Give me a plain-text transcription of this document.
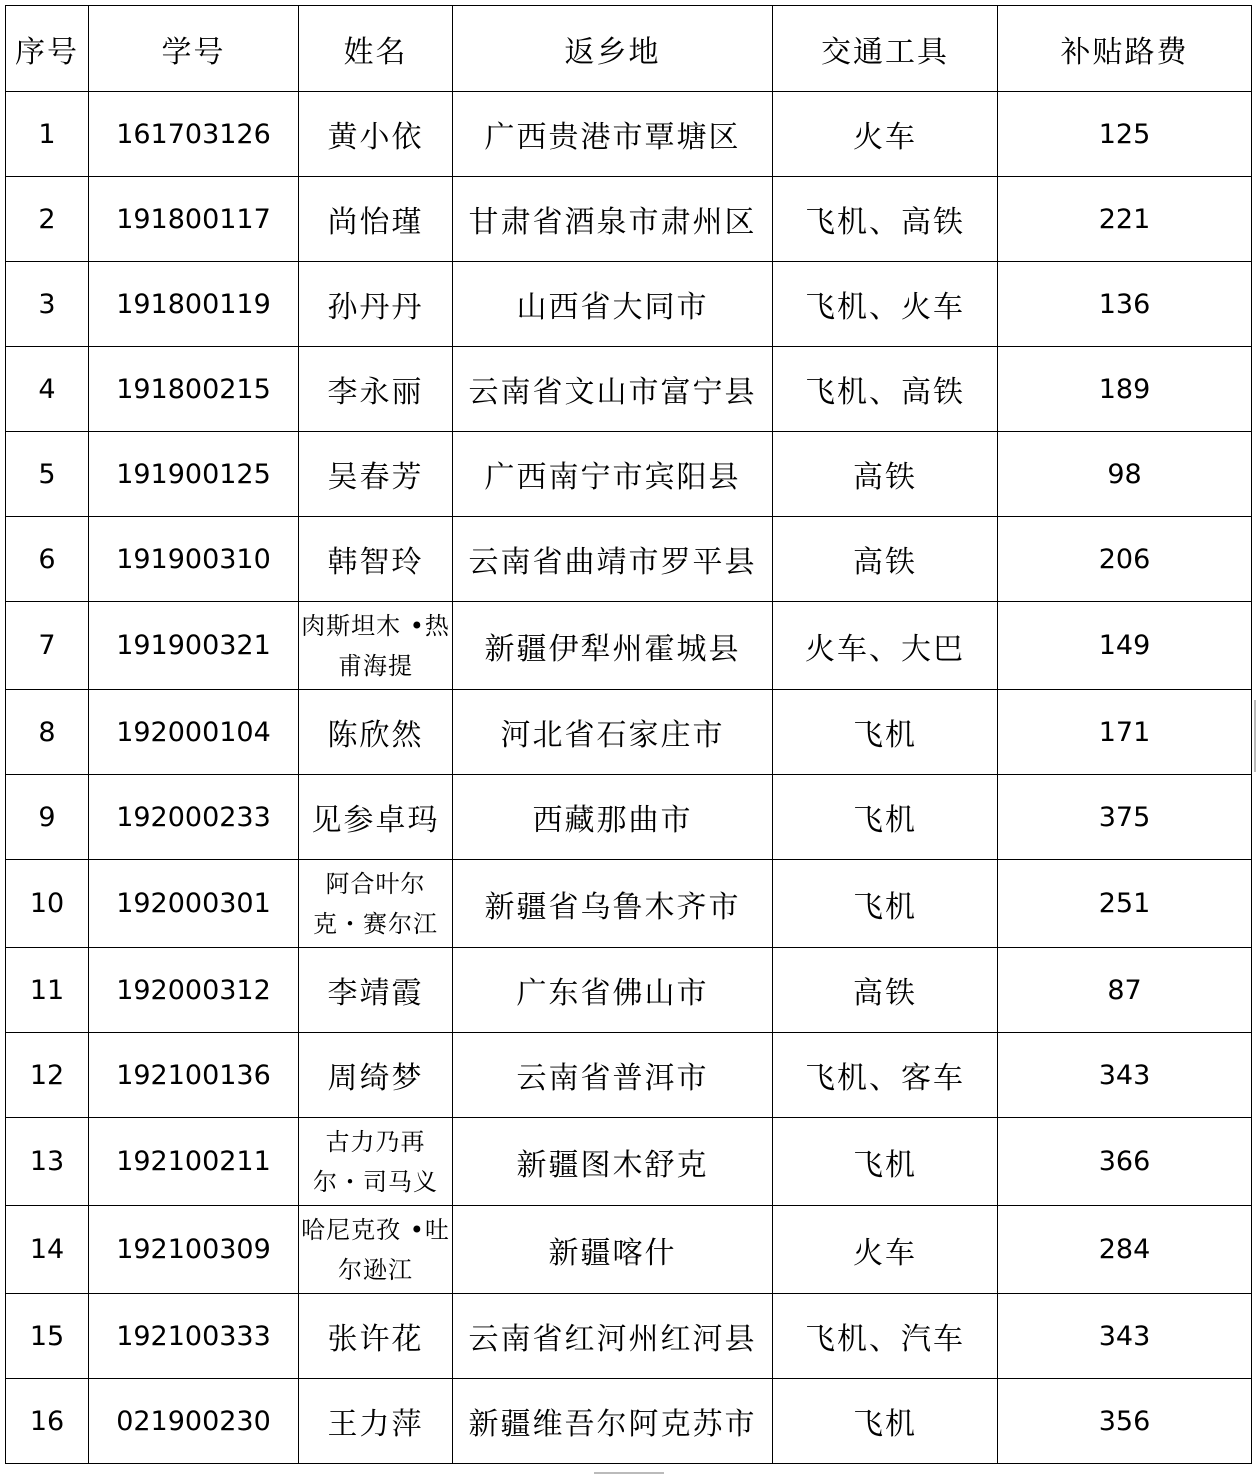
序号	学号	姓名	返乡地	交通工具	补贴路费
1	161703126	黄小依	广西贵港市覃塘区	火车	125
2	191800117	尚怡瑾	甘肃省酒泉市肃州区	飞机、高铁	221
3	191800119	孙丹丹	山西省大同市	飞机、火车	136
4	191800215	李永丽	云南省文山市富宁县	飞机、高铁	189
5	191900125	吴春芳	广西南宁市宾阳县	高铁	98
6	191900310	韩智玲	云南省曲靖市罗平县	高铁	206
7	191900321	肉斯坦木 •热
甫海提	新疆伊犁州霍城县	火车、大巴	149
8	192000104	陈欣然	河北省石家庄市	飞机	171
9	192000233	见参卓玛	西藏那曲市	飞机	375
10	192000301	阿合叶尔
克・赛尔江	新疆省乌鲁木齐市	飞机	251
11	192000312	李靖霞	广东省佛山市	高铁	87
12	192100136	周绮梦	云南省普洱市	飞机、客车	343
13	192100211	古力乃再
尔・司马义	新疆图木舒克	飞机	366
14	192100309	哈尼克孜 •吐
尔逊江	新疆喀什	火车	284
15	192100333	张许花	云南省红河州红河县	飞机、汽车	343
16	021900230	王力萍	新疆维吾尔阿克苏市	飞机	356
